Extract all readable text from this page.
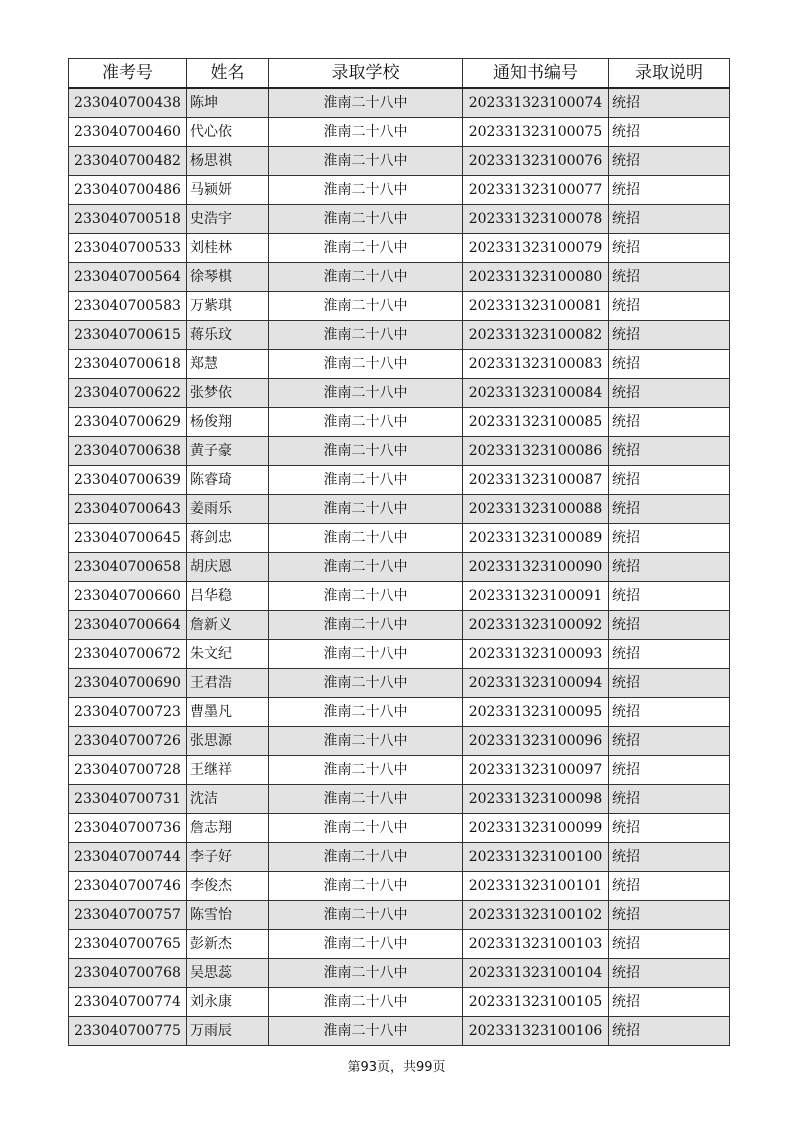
准考号	姓名	录取学校	通知书编号	录取说明
233040700438	陈坤	淮南二十八中	202331323100074	统招
233040700460	代心依	淮南二十八中	202331323100075	统招
233040700482	杨思祺	淮南二十八中	202331323100076	统招
233040700486	马颍妍	淮南二十八中	202331323100077	统招
233040700518	史浩宇	淮南二十八中	202331323100078	统招
233040700533	刘桂林	淮南二十八中	202331323100079	统招
233040700564	徐琴棋	淮南二十八中	202331323100080	统招
233040700583	万紫琪	淮南二十八中	202331323100081	统招
233040700615	蒋乐玟	淮南二十八中	202331323100082	统招
233040700618	郑慧	淮南二十八中	202331323100083	统招
233040700622	张梦依	淮南二十八中	202331323100084	统招
233040700629	杨俊翔	淮南二十八中	202331323100085	统招
233040700638	黄子豪	淮南二十八中	202331323100086	统招
233040700639	陈睿琦	淮南二十八中	202331323100087	统招
233040700643	姜雨乐	淮南二十八中	202331323100088	统招
233040700645	蒋剑忠	淮南二十八中	202331323100089	统招
233040700658	胡庆恩	淮南二十八中	202331323100090	统招
233040700660	吕华稳	淮南二十八中	202331323100091	统招
233040700664	詹新义	淮南二十八中	202331323100092	统招
233040700672	朱文纪	淮南二十八中	202331323100093	统招
233040700690	王君浩	淮南二十八中	202331323100094	统招
233040700723	曹墨凡	淮南二十八中	202331323100095	统招
233040700726	张思源	淮南二十八中	202331323100096	统招
233040700728	王继祥	淮南二十八中	202331323100097	统招
233040700731	沈洁	淮南二十八中	202331323100098	统招
233040700736	詹志翔	淮南二十八中	202331323100099	统招
233040700744	李子好	淮南二十八中	202331323100100	统招
233040700746	李俊杰	淮南二十八中	202331323100101	统招
233040700757	陈雪怡	淮南二十八中	202331323100102	统招
233040700765	彭新杰	淮南二十八中	202331323100103	统招
233040700768	吴思蕊	淮南二十八中	202331323100104	统招
233040700774	刘永康	淮南二十八中	202331323100105	统招
233040700775	万雨辰	淮南二十八中	202331323100106	统招
第93页，共99页
